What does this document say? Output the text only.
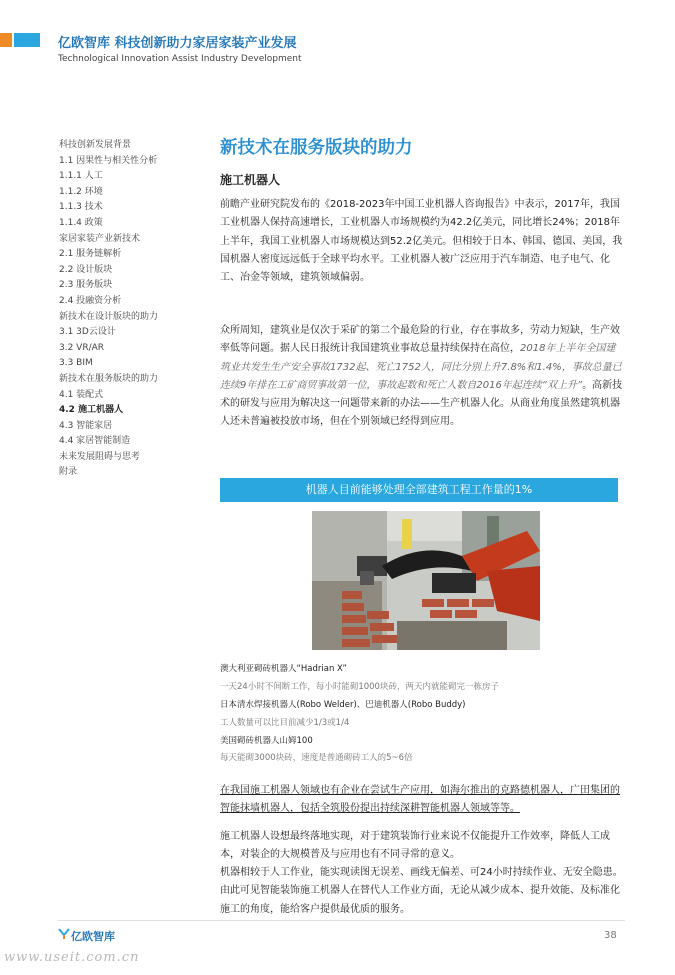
亿欧智库 科技创新助力家居家装产业发展
Technological Innovation Assist Industry Development
科技创新发展背景
1.1 因果性与相关性分析
1.1.1 人工
1.1.2 环境
1.1.3 技术
1.1.4 政策
家居家装产业新技术
2.1 服务链解析
2.2 设计版块
2.3 服务版块
2.4 投融资分析
新技术在设计版块的助力
3.1 3D云设计
3.2 VR/AR
3.3 BIM
新技术在服务版块的助力
4.1 装配式
4.2 施工机器人
4.3 智能家居
4.4 家居智能制造
未来发展阻碍与思考
附录
新技术在服务版块的助力
施工机器人

前瞻产业研究院发布的《2018-2023年中国工业机器人咨询报告》中表示，2017年，我国工业机器人保持高速增长，工业机器人市场规模约为42.2亿美元，同比增长24%；2018年上半年，我国工业机器人市场规模达到52.2亿美元。但相较于日本、韩国、德国、美国，我国机器人密度远远低于全球平均水平。工业机器人被广泛应用于汽车制造、电子电气、化工、冶金等领域，建筑领域偏弱。

众所周知，建筑业是仅次于采矿的第二个最危险的行业，存在事故多，劳动力短缺，生产效率低等问题。据人民日报统计我国建筑业事故总量持续保持在高位，2018年上半年全国建筑业共发生生产安全事故1732起、死亡1752人，同比分别上升7.8%和1.4%，事故总量已连续9年排在工矿商贸事故第一位，事故起数和死亡人数自2016年起连续“双上升”。高新技术的研发与应用为解决这一问题带来新的办法——生产机器人化。从商业角度虽然建筑机器人还未普遍被投放市场，但在个别领域已经得到应用。

机器人目前能够处理全部建筑工程工作量的1%
澳大利亚砌砖机器人“Hadrian X”
一天24小时不间断工作，每小时能砌1000块砖，两天内就能砌完一栋房子
日本清水焊接机器人(Robo Welder)、巴迪机器人(Robo Buddy)
工人数量可以比目前减少1/3或1/4
美国砌砖机器人山姆100
每天能砌3000块砖，速度是普通砌砖工人的5~6倍

在我国施工机器人领域也有企业在尝试生产应用，如海尔推出的克路德机器人，广田集团的智能抹墙机器人，包括全筑股份提出持续深耕智能机器人领域等等。

施工机器人设想最终落地实现，对于建筑装饰行业来说不仅能提升工作效率，降低人工成本，对装企的大规模普及与应用也有不同寻常的意义。

机器相较于人工作业，能实现读图无误差、画线无偏差、可24小时持续作业、无安全隐患。由此可见智能装饰施工机器人在替代人工作业方面，无论从减少成本、提升效能、及标准化施工的角度，能给客户提供最优质的服务。

亿欧智库	38
www.useit.com.cn
